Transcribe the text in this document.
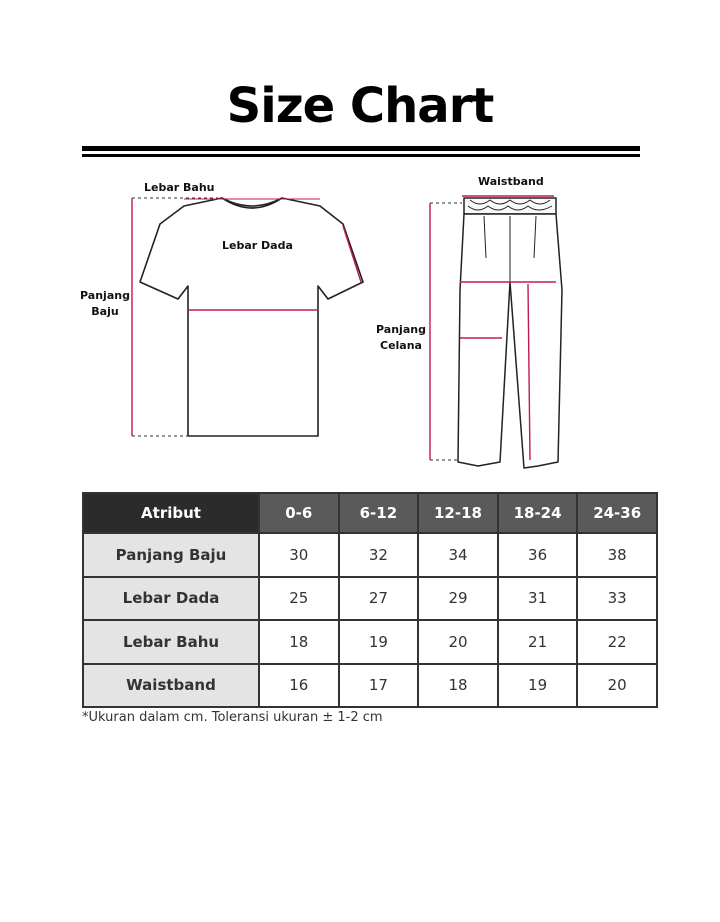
Size Chart
Lebar Bahu
Lebar Dada
Panjang
Baju
Waistband
Panjang
Celana
Atribut	0-6	6-12	12-18	18-24	24-36
Panjang Baju	30	32	34	36	38
Lebar Dada	25	27	29	31	33
Lebar Bahu	18	19	20	21	22
Waistband	16	17	18	19	20
*Ukuran dalam cm. Toleransi ukuran ± 1-2 cm
